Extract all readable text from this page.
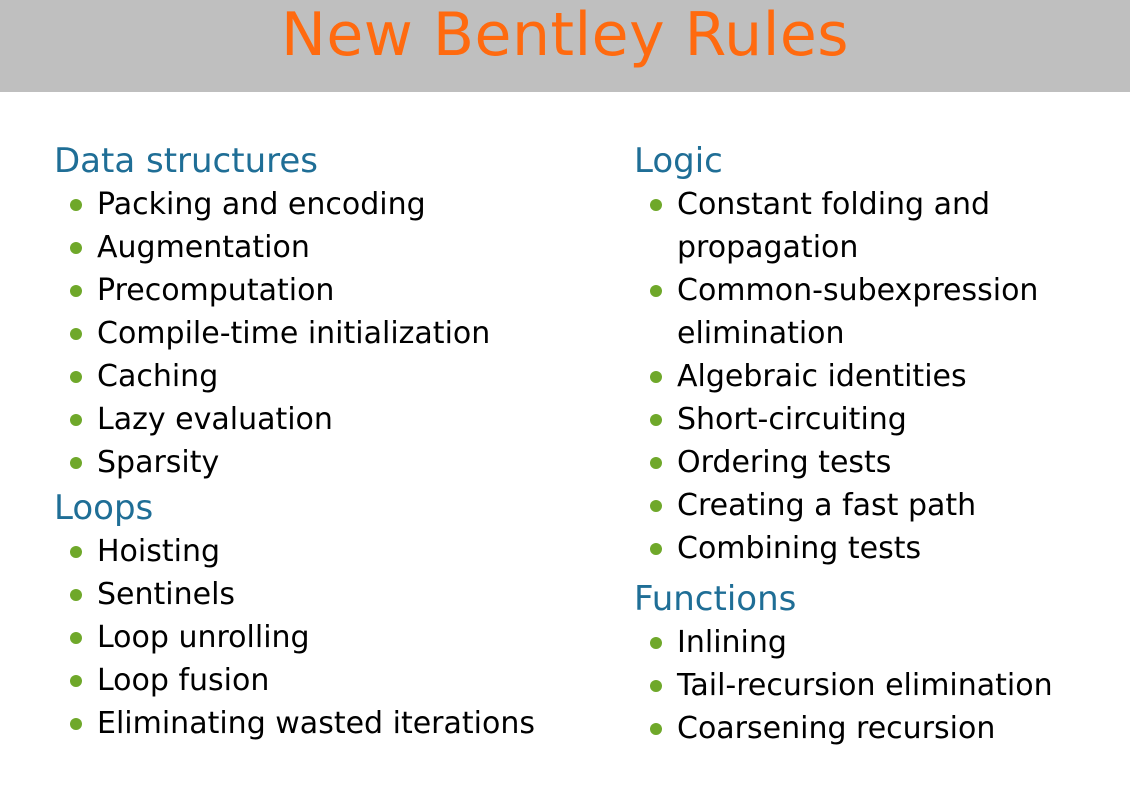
New Bentley Rules
Data structures
Packing and encoding
Augmentation
Precomputation
Compile-time initialization
Caching
Lazy evaluation
Sparsity
Loops
Hoisting
Sentinels
Loop unrolling
Loop fusion
Eliminating wasted iterations
Logic
Constant folding and
propagation
Common-subexpression
elimination
Algebraic identities
Short-circuiting
Ordering tests
Creating a fast path
Combining tests
Functions
Inlining
Tail-recursion elimination
Coarsening recursion
